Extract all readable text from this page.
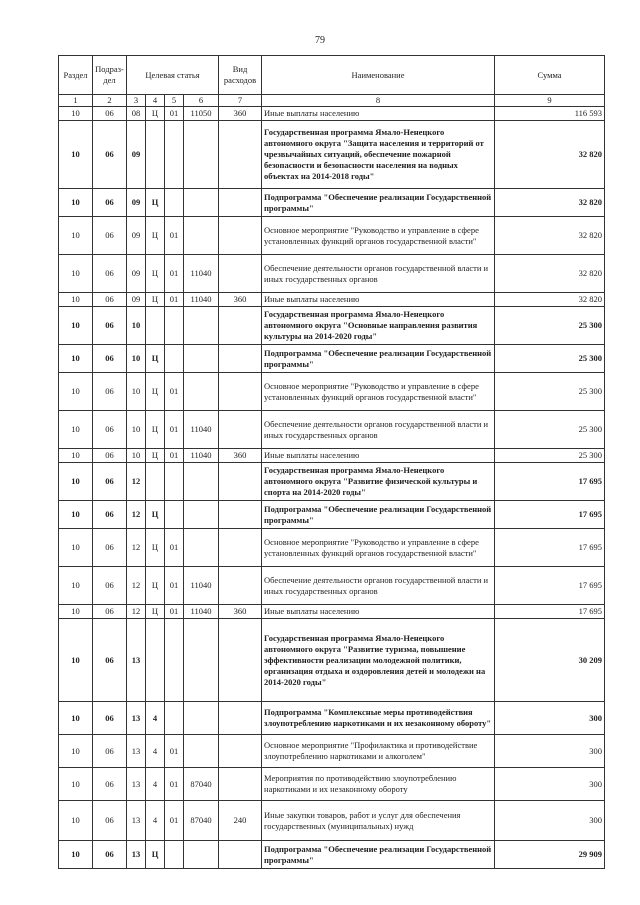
79
Раздел	Подраз-дел	Целевая статья				Вид расходов	Наименование	Сумма
1	2	3	4	5	6	7	8	9
10	06	08	Ц	01	11050	360	Иные выплаты населению	116 593
10	06	09					Государственная программа Ямало-Ненецкого автономного округа "Защита населения и территорий от чрезвычайных ситуаций, обеспечение пожарной безопасности и безопасности населения на водных объектах на 2014-2018 годы"	32 820
10	06	09	Ц				Подпрограмма "Обеспечение реализации Государственной программы"	32 820
10	06	09	Ц	01			Основное мероприятие "Руководство и управление в сфере установленных функций органов государственной власти"	32 820
10	06	09	Ц	01	11040		Обеспечение деятельности органов государственной власти и иных государственных органов	32 820
10	06	09	Ц	01	11040	360	Иные выплаты населению	32 820
10	06	10					Государственная программа Ямало-Ненецкого автономного округа "Основные направления развития культуры на 2014-2020 годы"	25 300
10	06	10	Ц				Подпрограмма "Обеспечение реализации Государственной программы"	25 300
10	06	10	Ц	01			Основное мероприятие "Руководство и управление в сфере установленных функций органов государственной власти"	25 300
10	06	10	Ц	01	11040		Обеспечение деятельности органов государственной власти и иных государственных органов	25 300
10	06	10	Ц	01	11040	360	Иные выплаты населению	25 300
10	06	12					Государственная программа Ямало-Ненецкого автономного округа "Развитие физической культуры и спорта на 2014-2020 годы"	17 695
10	06	12	Ц				Подпрограмма "Обеспечение реализации Государственной программы"	17 695
10	06	12	Ц	01			Основное мероприятие "Руководство и управление в сфере установленных функций органов государственной власти"	17 695
10	06	12	Ц	01	11040		Обеспечение деятельности органов государственной власти и иных государственных органов	17 695
10	06	12	Ц	01	11040	360	Иные выплаты населению	17 695
10	06	13					Государственная программа Ямало-Ненецкого автономного округа "Развитие туризма, повышение эффективности реализации молодежной политики, организация отдыха и оздоровления детей и молодежи на 2014-2020 годы"	30 209
10	06	13	4				Подпрограмма "Комплексные меры противодействия злоупотреблению наркотиками и их незаконному обороту"	300
10	06	13	4	01			Основное мероприятие "Профилактика и противодействие злоупотреблению наркотиками и алкоголем"	300
10	06	13	4	01	87040		Мероприятия по противодействию злоупотреблению наркотиками и их незаконному обороту	300
10	06	13	4	01	87040	240	Иные закупки товаров, работ и услуг для обеспечения государственных (муниципальных) нужд	300
10	06	13	Ц				Подпрограмма "Обеспечение реализации Государственной программы"	29 909
